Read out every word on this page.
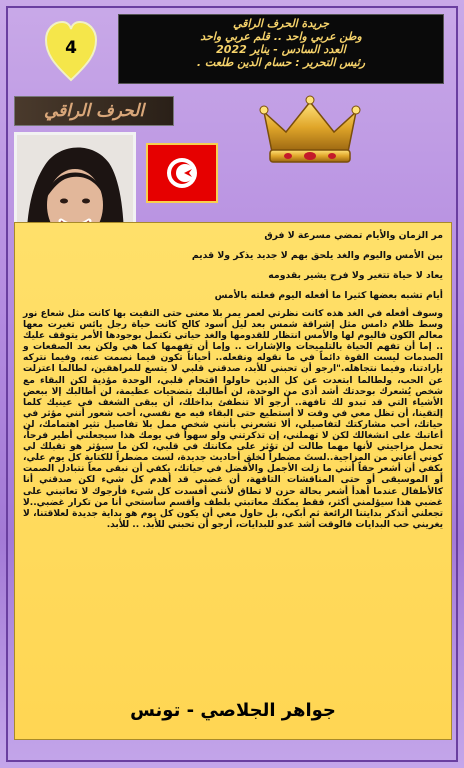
4
جريدة الحرف الراقي
وطن عربي واحد .. قلم عربي واحد
العدد السادس - يناير 2022
رئيس التحرير : حسام الدين طلعت .
الحرف الراقي

مر الزمان والأيام تمضي مسرعة لا فرق

بين الأمس واليوم والغد يلحق بهم لا جديد يذكر ولا قديم

يعاد لا حياة تتغير ولا فرح يشير بقدومه

أيام تشبه بعضها كثيرا ما أفعله اليوم فعلته بالأمس

وسوف أفعله في الغد هذه كانت نظرتي لعمر يمر بلا معنى حتى التقيت بها كانت مثل شعاع نور وسط ظلام دامس مثل إشراقة شمس بعد ليل أسود كالح كانت حياة رجل يائس تغيرت معها معالم الكون فاليوم لها والأمس انتظار للقدومها والغد حياتي تكتمل بوجودها الأمر يتوقف عليك .. إما أن تفهم الحياة بالتلميحات والإشارات .. وإما أن تفهمها كما هي ولكن بعد الصفعات و الصدمات ليست القوة دائماً في ما نقوله ونفعله.. أحياناً تكون فيما نصمت عنه، وفيما نتركه بإرادتنا، وفيما نتجاهله."ارجو أن تحبني للأبد، صدقني قلبي لا يتسع للمراهقين، لطالما اعتزلت عن الحب، ولطالما ابتعدت عن كل الذين حاولوا اقتحام قلبي، الوحدة مؤذية لكن البقاء مع شخص يُشعرك بوحدتك أشد أذى من الوحدة، لن أطالبك بتضحيات عظيمة، لن أطالبك إلا ببعض الأشياء التي قد تبدو لك تافهة.. أرجو ألا تنطفئ بداخلك، أن يبقى الشغف في عينيك كلما إلتقينا، أن تظل معي في وقت لا أستطيع حتى البقاء فيه مع نفسي، أحب شعور أنني مؤثر في حياتك، أحب مشاركتك لتفاصيلي، ألا تشعرني بأنني شخص ممل بلا تفاصيل تثير اهتمامك، لن أعاتبك على انشغالك لكن لا تهملني، إن تذكرتني ولو سهواً في يومك هذا سيجعلني أطير فرحاً، تحمل مزاجيتي لأنها مهما طالت لن تؤثر على مكانتك في قلبي، لكن ما سيؤثر هو تقبلك لي كوني أعاني من المزاجية..لستَ مضطراً لخلق أحاديث جديدة، لست مضطراً للكتابة كل يوم علي، يكفي أن أشعر حقاً أنني ما زلت الأجمل والأفضل في حياتك، يكفي أن نبقى معاً نتبادل الصمت أو الموسيقى أو حتى المناقشات التافهة، أن غضبي قد أهدم كل شيء لكن صدقني أنا كالأطفال عندما أهدأ أشعر بحالة حزن لا تطاق لأنني أفسدت كل شيء فأرجوك لا تعاتبني على غضبي هذا سيؤلمني أكثر، فقط يمكنك معاتبتي بلطف وأقسم سأستحي أنا من تكرار غضبي..لا تجعلني أتذكر بدايتنا الرائعة ثم أبكي، بل حاول معي أن يكون كل يوم هو بداية جديدة لعلاقتنا، لا يغريني حب البدايات فالوقت أشد عدو للبدايات، أرجو أن تحبني للأبد. .. للأبد.

جواهر الجلاصي - تونس
